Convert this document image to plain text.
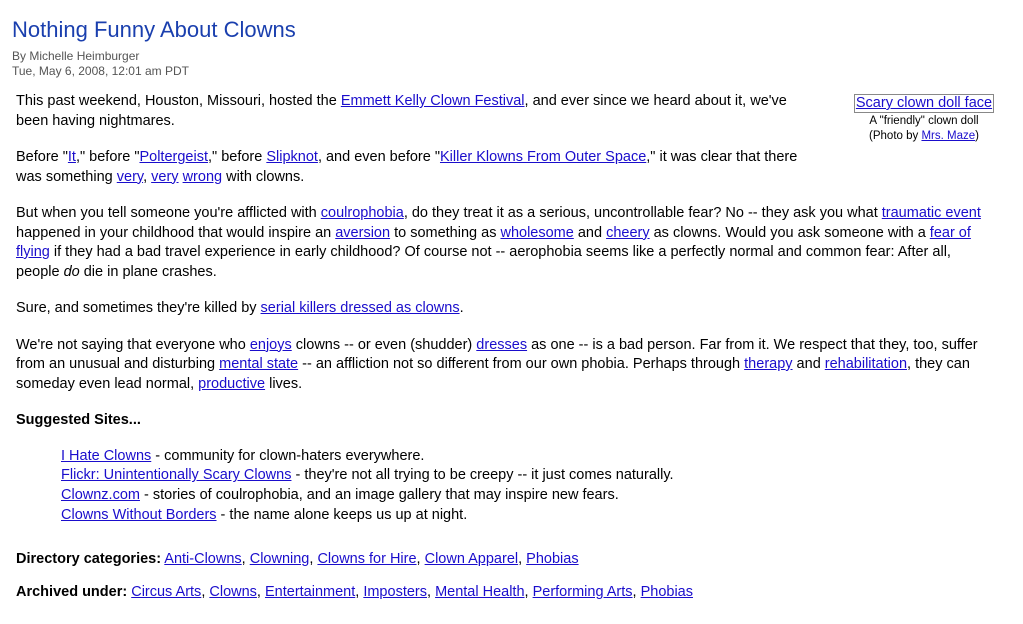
Nothing Funny About Clowns
By Michelle Heimburger
Tue, May 6, 2008, 12:01 am PDT
Scary clown doll face
A "friendly" clown doll
(Photo by Mrs. Maze)

This past weekend, Houston, Missouri, hosted the Emmett Kelly Clown Festival, and ever since we heard about it, we've been having nightmares.

Before "It," before "Poltergeist," before Slipknot, and even before "Killer Klowns From Outer Space," it was clear that there was something very, very wrong with clowns.

But when you tell someone you're afflicted with coulrophobia, do they treat it as a serious, uncontrollable fear? No -- they ask you what traumatic event happened in your childhood that would inspire an aversion to something as wholesome and cheery as clowns. Would you ask someone with a fear of flying if they had a bad travel experience in early childhood? Of course not -- aerophobia seems like a perfectly normal and common fear: After all, people do die in plane crashes.

Sure, and sometimes they're killed by serial killers dressed as clowns.

We're not saying that everyone who enjoys clowns -- or even (shudder) dresses as one -- is a bad person. Far from it. We respect that they, too, suffer from an unusual and disturbing mental state -- an affliction not so different from our own phobia. Perhaps through therapy and rehabilitation, they can someday even lead normal, productive lives.

Suggested Sites...
I Hate Clowns - community for clown-haters everywhere.
Flickr: Unintentionally Scary Clowns - they're not all trying to be creepy -- it just comes naturally.
Clownz.com - stories of coulrophobia, and an image gallery that may inspire new fears.
Clowns Without Borders - the name alone keeps us up at night.
Directory categories: Anti-Clowns, Clowning, Clowns for Hire, Clown Apparel, Phobias
Archived under: Circus Arts, Clowns, Entertainment, Imposters, Mental Health, Performing Arts, Phobias
